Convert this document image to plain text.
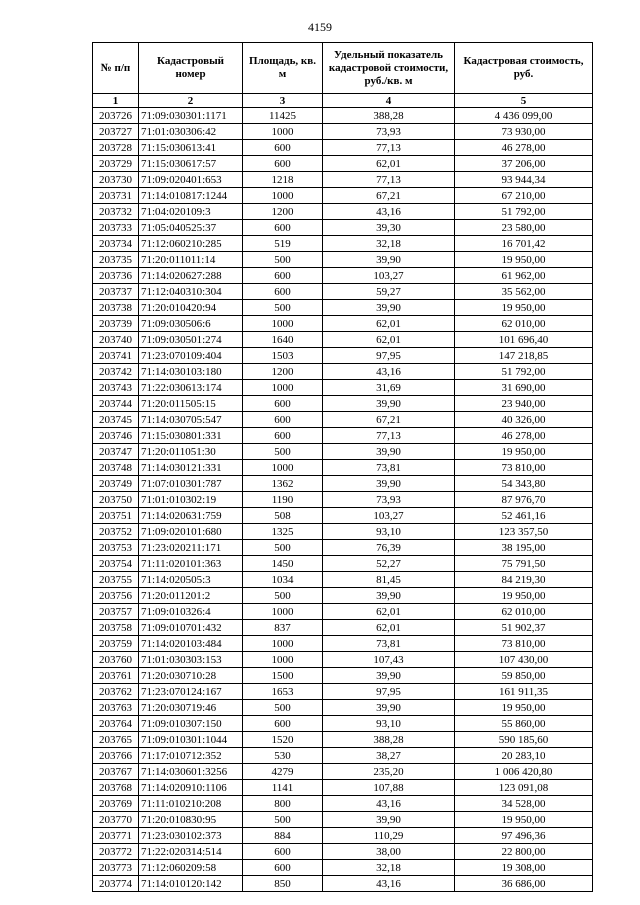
4159
№ п/п	Кадастровый номер	Площадь, кв. м	Удельный показатель кадастровой стоимости, руб./кв. м	Кадастровая стоимость, руб.
1	2	3	4	5
203726	71:09:030301:1171	11425	388,28	4 436 099,00
203727	71:01:030306:42	1000	73,93	73 930,00
203728	71:15:030613:41	600	77,13	46 278,00
203729	71:15:030617:57	600	62,01	37 206,00
203730	71:09:020401:653	1218	77,13	93 944,34
203731	71:14:010817:1244	1000	67,21	67 210,00
203732	71:04:020109:3	1200	43,16	51 792,00
203733	71:05:040525:37	600	39,30	23 580,00
203734	71:12:060210:285	519	32,18	16 701,42
203735	71:20:011011:14	500	39,90	19 950,00
203736	71:14:020627:288	600	103,27	61 962,00
203737	71:12:040310:304	600	59,27	35 562,00
203738	71:20:010420:94	500	39,90	19 950,00
203739	71:09:030506:6	1000	62,01	62 010,00
203740	71:09:030501:274	1640	62,01	101 696,40
203741	71:23:070109:404	1503	97,95	147 218,85
203742	71:14:030103:180	1200	43,16	51 792,00
203743	71:22:030613:174	1000	31,69	31 690,00
203744	71:20:011505:15	600	39,90	23 940,00
203745	71:14:030705:547	600	67,21	40 326,00
203746	71:15:030801:331	600	77,13	46 278,00
203747	71:20:011051:30	500	39,90	19 950,00
203748	71:14:030121:331	1000	73,81	73 810,00
203749	71:07:010301:787	1362	39,90	54 343,80
203750	71:01:010302:19	1190	73,93	87 976,70
203751	71:14:020631:759	508	103,27	52 461,16
203752	71:09:020101:680	1325	93,10	123 357,50
203753	71:23:020211:171	500	76,39	38 195,00
203754	71:11:020101:363	1450	52,27	75 791,50
203755	71:14:020505:3	1034	81,45	84 219,30
203756	71:20:011201:2	500	39,90	19 950,00
203757	71:09:010326:4	1000	62,01	62 010,00
203758	71:09:010701:432	837	62,01	51 902,37
203759	71:14:020103:484	1000	73,81	73 810,00
203760	71:01:030303:153	1000	107,43	107 430,00
203761	71:20:030710:28	1500	39,90	59 850,00
203762	71:23:070124:167	1653	97,95	161 911,35
203763	71:20:030719:46	500	39,90	19 950,00
203764	71:09:010307:150	600	93,10	55 860,00
203765	71:09:010301:1044	1520	388,28	590 185,60
203766	71:17:010712:352	530	38,27	20 283,10
203767	71:14:030601:3256	4279	235,20	1 006 420,80
203768	71:14:020910:1106	1141	107,88	123 091,08
203769	71:11:010210:208	800	43,16	34 528,00
203770	71:20:010830:95	500	39,90	19 950,00
203771	71:23:030102:373	884	110,29	97 496,36
203772	71:22:020314:514	600	38,00	22 800,00
203773	71:12:060209:58	600	32,18	19 308,00
203774	71:14:010120:142	850	43,16	36 686,00
